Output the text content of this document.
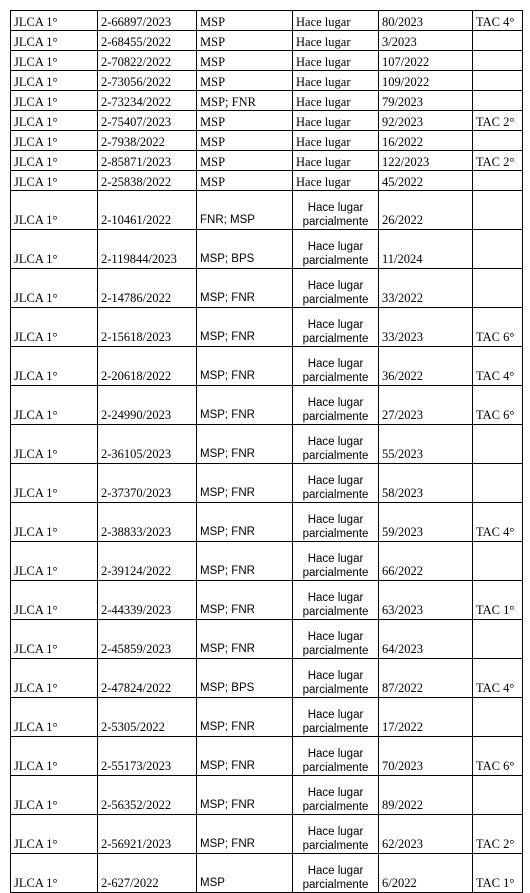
JLCA 1°	2-66897/2023	MSP	Hace lugar	80/2023	TAC 4°
JLCA 1°	2-68455/2022	MSP	Hace lugar	3/2023	
JLCA 1°	2-70822/2022	MSP	Hace lugar	107/2022	
JLCA 1°	2-73056/2022	MSP	Hace lugar	109/2022	
JLCA 1°	2-73234/2022	MSP; FNR	Hace lugar	79/2023	
JLCA 1°	2-75407/2023	MSP	Hace lugar	92/2023	TAC 2°
JLCA 1°	2-7938/2022	MSP	Hace lugar	16/2022	
JLCA 1°	2-85871/2023	MSP	Hace lugar	122/2023	TAC 2°
JLCA 1°	2-25838/2022	MSP	Hace lugar	45/2022	
JLCA 1°	2-10461/2022	FNR; MSP	Hace lugar parcialmente	26/2022	
JLCA 1°	2-119844/2023	MSP; BPS	Hace lugar parcialmente	11/2024	
JLCA 1°	2-14786/2022	MSP; FNR	Hace lugar parcialmente	33/2022	
JLCA 1°	2-15618/2023	MSP; FNR	Hace lugar parcialmente	33/2023	TAC 6°
JLCA 1°	2-20618/2022	MSP; FNR	Hace lugar parcialmente	36/2022	TAC 4°
JLCA 1°	2-24990/2023	MSP; FNR	Hace lugar parcialmente	27/2023	TAC 6°
JLCA 1°	2-36105/2023	MSP; FNR	Hace lugar parcialmente	55/2023	
JLCA 1°	2-37370/2023	MSP; FNR	Hace lugar parcialmente	58/2023	
JLCA 1°	2-38833/2023	MSP; FNR	Hace lugar parcialmente	59/2023	TAC 4°
JLCA 1°	2-39124/2022	MSP; FNR	Hace lugar parcialmente	66/2022	
JLCA 1°	2-44339/2023	MSP; FNR	Hace lugar parcialmente	63/2023	TAC 1°
JLCA 1°	2-45859/2023	MSP; FNR	Hace lugar parcialmente	64/2023	
JLCA 1°	2-47824/2022	MSP; BPS	Hace lugar parcialmente	87/2022	TAC 4°
JLCA 1°	2-5305/2022	MSP; FNR	Hace lugar parcialmente	17/2022	
JLCA 1°	2-55173/2023	MSP; FNR	Hace lugar parcialmente	70/2023	TAC 6°
JLCA 1°	2-56352/2022	MSP; FNR	Hace lugar parcialmente	89/2022	
JLCA 1°	2-56921/2023	MSP; FNR	Hace lugar parcialmente	62/2023	TAC 2°
JLCA 1°	2-627/2022	MSP	Hace lugar parcialmente	6/2022	TAC 1°
